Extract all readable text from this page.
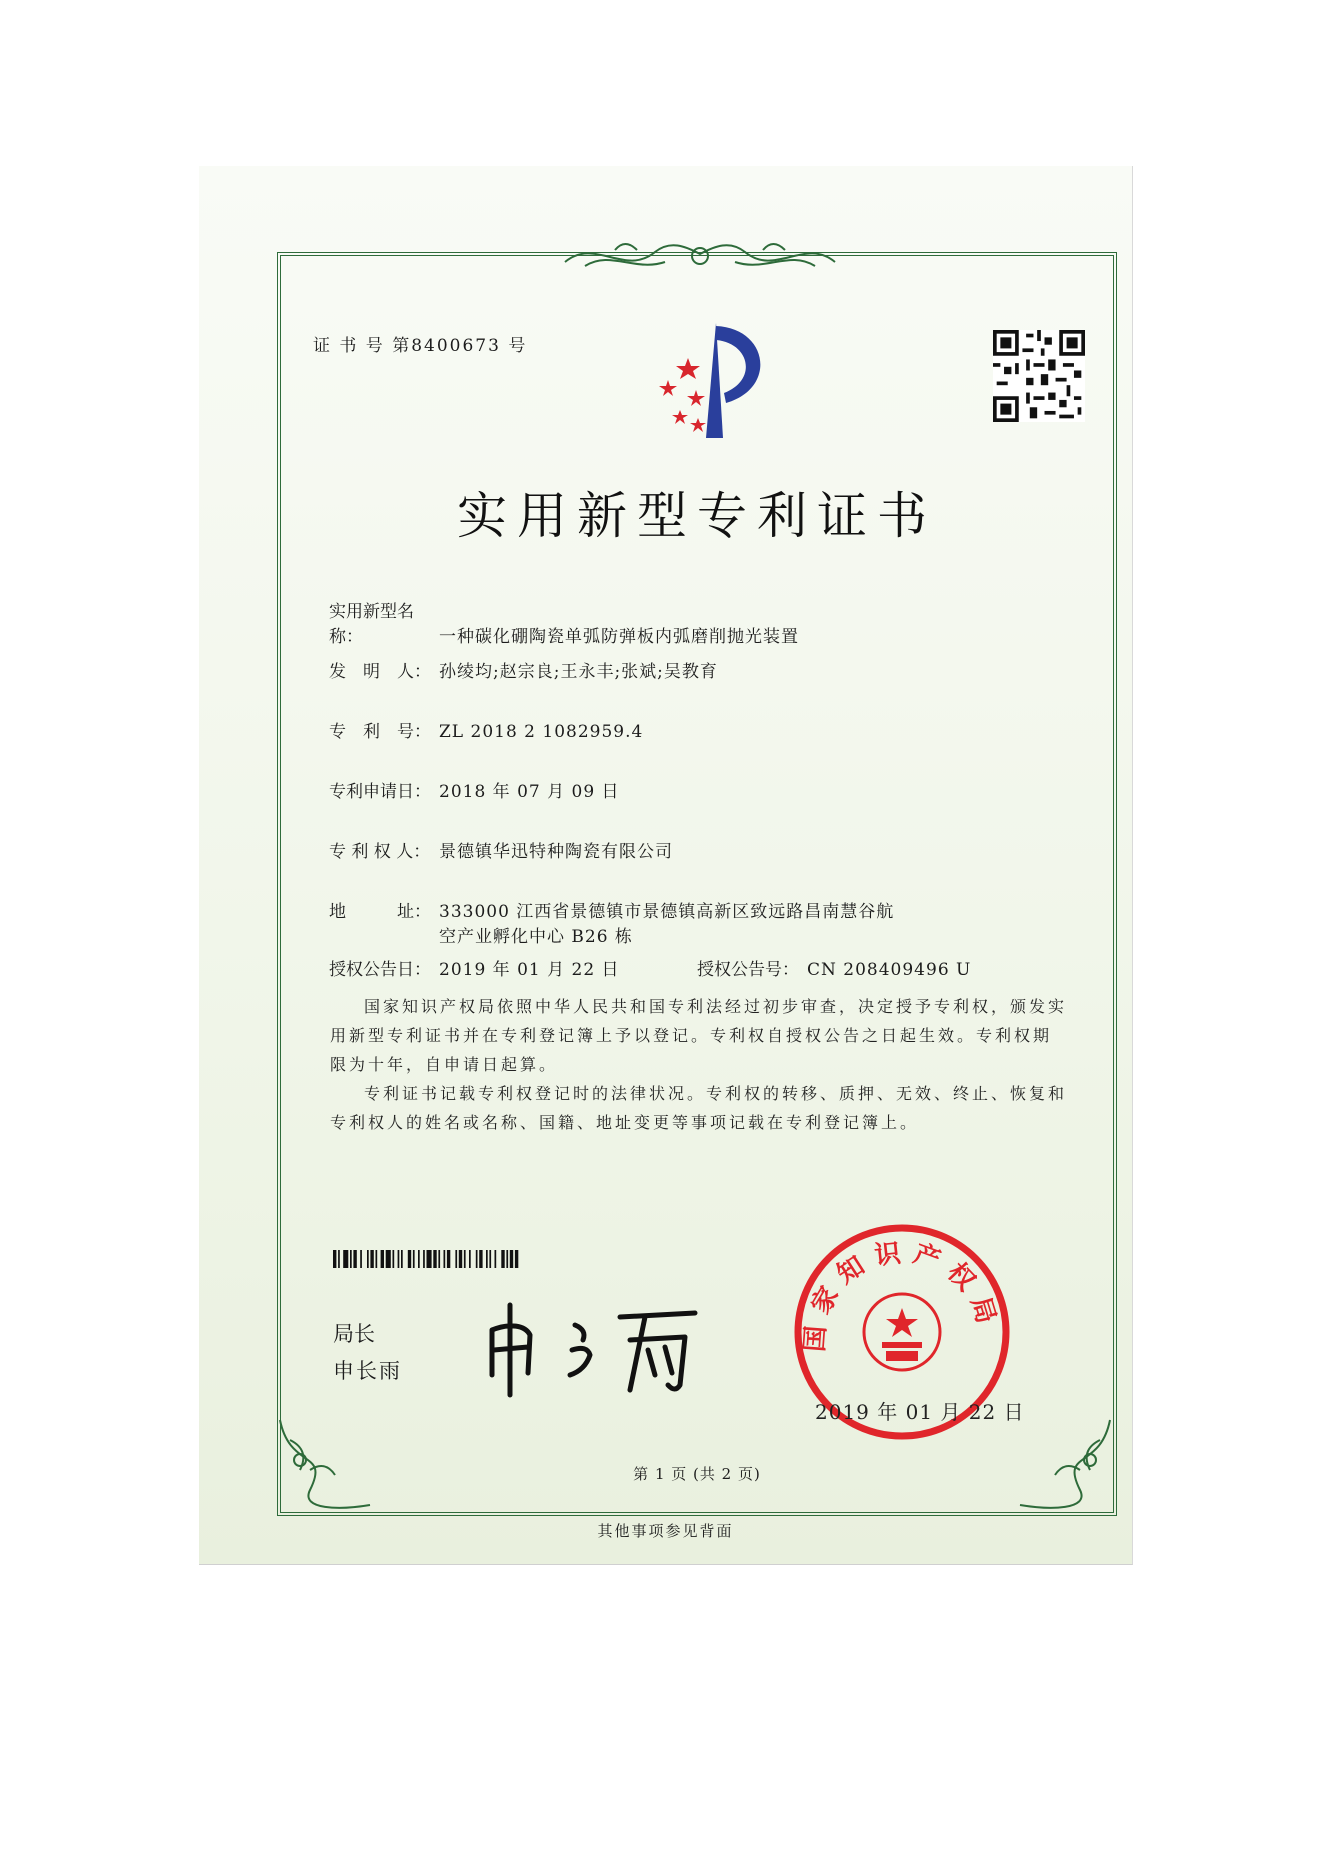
证 书 号 第8400673 号
实用新型专利证书
实用新型名称：	一种碳化硼陶瓷单弧防弹板内弧磨削抛光装置
发　明　人： 孙绫均;赵宗良;王永丰;张斌;吴教育
专　利　号： ZL 2018 2 1082959.4
专利申请日： 2018 年 07 月 09 日
专 利 权 人： 景德镇华迅特种陶瓷有限公司
地　　　址： 333000 江西省景德镇市景德镇高新区致远路昌南慧谷航
空产业孵化中心 B26 栋
授权公告日： 2019 年 01 月 22 日	授权公告号： CN 208409496 U

国家知识产权局依照中华人民共和国专利法经过初步审查，决定授予专利权，颁发实用新型专利证书并在专利登记簿上予以登记。专利权自授权公告之日起生效。专利权期限为十年，自申请日起算。

专利证书记载专利权登记时的法律状况。专利权的转移、质押、无效、终止、恢复和专利权人的姓名或名称、国籍、地址变更等事项记载在专利登记簿上。

局长
申长雨
国家知识产权局
2019 年 01 月 22 日
第 1 页 (共 2 页)
其他事项参见背面
